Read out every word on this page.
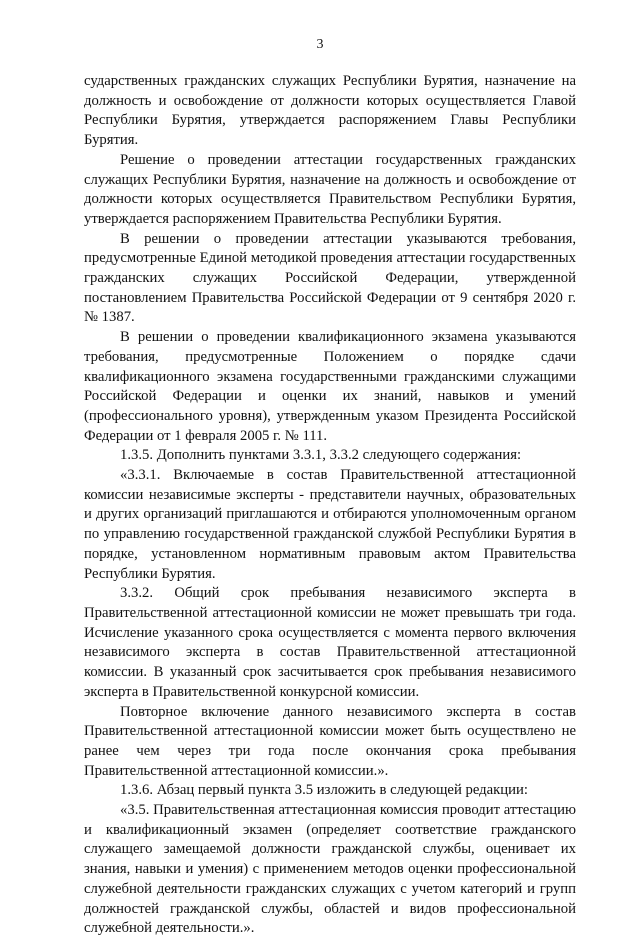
3

сударственных гражданских служащих Республики Бурятия, назначение на должность и освобождение от должности которых осуществляется Главой Республики Бурятия, утверждается распоряжением Главы Республики Бурятия.

Решение о проведении аттестации государственных гражданских служащих Республики Бурятия, назначение на должность и освобождение от должности которых осуществляется Правительством Республики Бурятия, утверждается распоряжением Правительства Республики Бурятия.

В решении о проведении аттестации указываются требования, предусмотренные Единой методикой проведения аттестации государственных гражданских служащих Российской Федерации, утвержденной постановлением Правительства Российской Федерации от 9 сентября 2020 г. № 1387.

В решении о проведении квалификационного экзамена указываются требования, предусмотренные Положением о порядке сдачи квалификационного экзамена государственными гражданскими служащими Российской Федерации и оценки их знаний, навыков и умений (профессионального уровня), утвержденным указом Президента Российской Федерации от 1 февраля 2005 г. № 111.

1.3.5. Дополнить пунктами 3.3.1, 3.3.2 следующего содержания:

«3.3.1. Включаемые в состав Правительственной аттестационной комиссии независимые эксперты - представители научных, образовательных и других организаций приглашаются и отбираются уполномоченным органом по управлению государственной гражданской службой Республики Бурятия в порядке, установленном нормативным правовым актом Правительства Республики Бурятия.

3.3.2. Общий срок пребывания независимого эксперта в Правительственной аттестационной комиссии не может превышать три года. Исчисление указанного срока осуществляется с момента первого включения независимого эксперта в состав Правительственной аттестационной комиссии. В указанный срок засчитывается срок пребывания независимого эксперта в Правительственной конкурсной комиссии.

Повторное включение данного независимого эксперта в состав Правительственной аттестационной комиссии может быть осуществлено не ранее чем через три года после окончания срока пребывания Правительственной аттестационной комиссии.».

1.3.6. Абзац первый пункта 3.5 изложить в следующей редакции:

«3.5. Правительственная аттестационная комиссия проводит аттестацию и квалификационный экзамен (определяет соответствие гражданского служащего замещаемой должности гражданской службы, оценивает их знания, навыки и умения) с применением методов оценки профессиональной служебной деятельности гражданских служащих с учетом категорий и групп должностей гражданской службы, областей и видов профессиональной служебной деятельности.».
